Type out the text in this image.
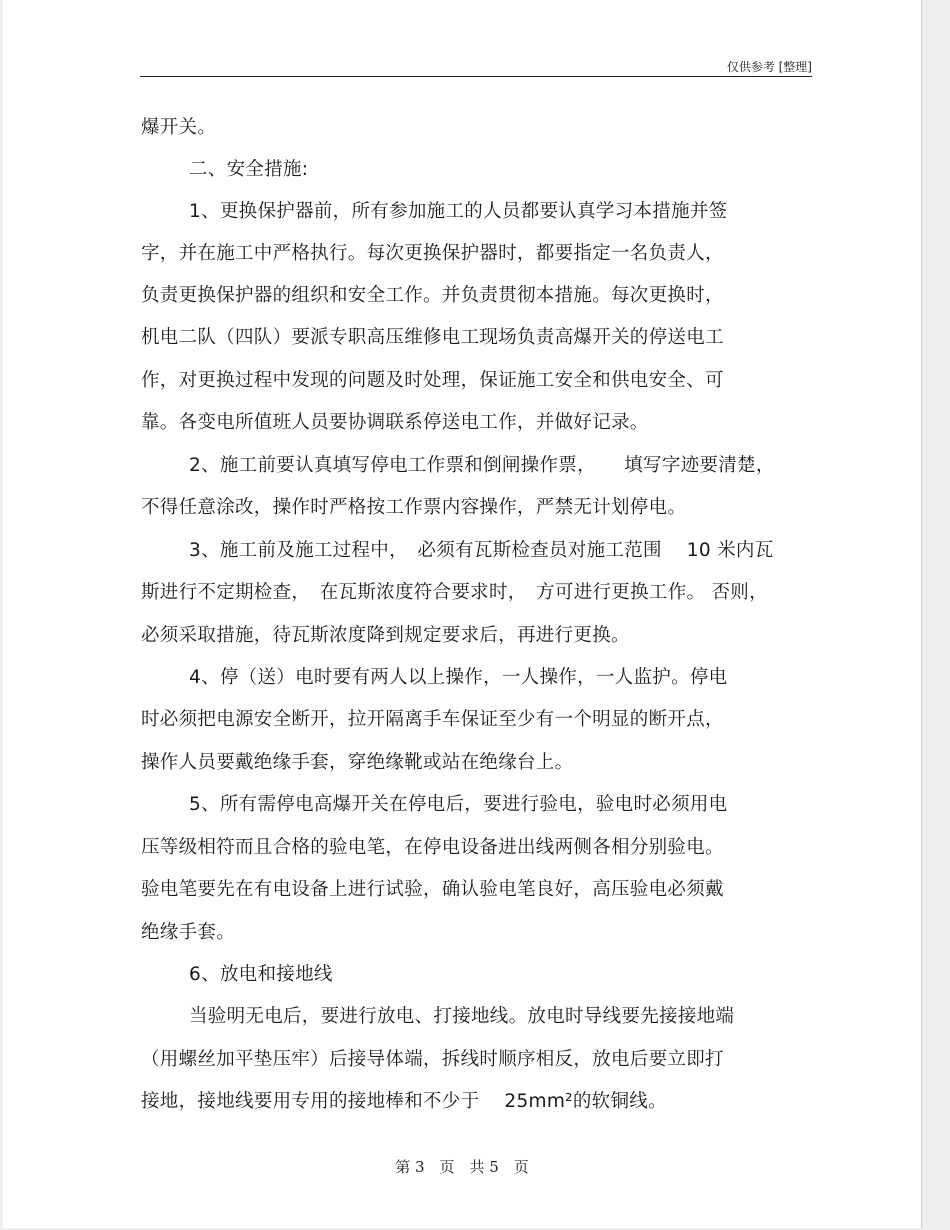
仅供参考 [整理]
爆开关。
二、安全措施:
1、更换保护器前，所有参加施工的人员都要认真学习本措施并签
字，并在施工中严格执行。每次更换保护器时，都要指定一名负责人，
负责更换保护器的组织和安全工作。并负责贯彻本措施。每次更换时，
机电二队（四队）要派专职高压维修电工现场负责高爆开关的停送电工
作，对更换过程中发现的问题及时处理，保证施工安全和供电安全、可
靠。各变电所值班人员要协调联系停送电工作，并做好记录。
2、施工前要认真填写停电工作票和倒闸操作票，　　填写字迹要清楚，
不得任意涂改，操作时严格按工作票内容操作，严禁无计划停电。
3、施工前及施工过程中，　必须有瓦斯检查员对施工范围　 10 米内瓦
斯进行不定期检查，　在瓦斯浓度符合要求时，　方可进行更换工作。 否则，
必须采取措施，待瓦斯浓度降到规定要求后，再进行更换。
4、停（送）电时要有两人以上操作，一人操作，一人监护。停电
时必须把电源安全断开，拉开隔离手车保证至少有一个明显的断开点，
操作人员要戴绝缘手套，穿绝缘靴或站在绝缘台上。
5、所有需停电高爆开关在停电后，要进行验电，验电时必须用电
压等级相符而且合格的验电笔，在停电设备进出线两侧各相分别验电。
验电笔要先在有电设备上进行试验，确认验电笔良好，高压验电必须戴
绝缘手套。
6、放电和接地线
当验明无电后，要进行放电、打接地线。放电时导线要先接接地端
（用螺丝加平垫压牢）后接导体端，拆线时顺序相反，放电后要立即打
接地，接地线要用专用的接地棒和不少于　 25mm²的软铜线。
第 3　页　共 5　页
